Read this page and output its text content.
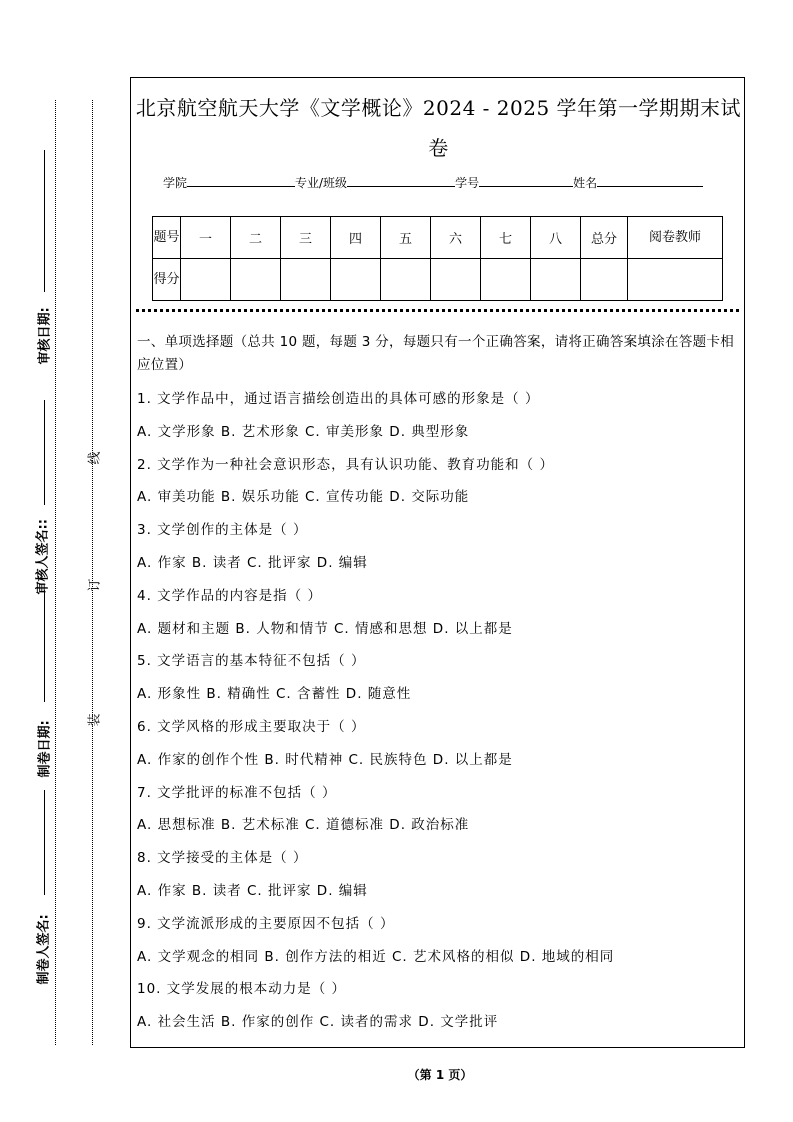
审核日期:
审核人签名::
制卷日期:
制卷人签名:
线
订
装
北京航空航天大学《文学概论》2024 - 2025 学年第一学期期末试
卷
学院	专业/班级	学号	姓名
题号	一	二	三	四	五	六	七	八	总分	阅卷教师
得分										
一、单项选择题（总共 10 题，每题 3 分，每题只有一个正确答案，请将正确答案填涂在答题卡相应位置）
1. 文学作品中，通过语言描绘创造出的具体可感的形象是（ ）
A. 文学形象 B. 艺术形象 C. 审美形象 D. 典型形象
2. 文学作为一种社会意识形态，具有认识功能、教育功能和（ ）
A. 审美功能 B. 娱乐功能 C. 宣传功能 D. 交际功能
3. 文学创作的主体是（ ）
A. 作家 B. 读者 C. 批评家 D. 编辑
4. 文学作品的内容是指（ ）
A. 题材和主题 B. 人物和情节 C. 情感和思想 D. 以上都是
5. 文学语言的基本特征不包括（ ）
A. 形象性 B. 精确性 C. 含蓄性 D. 随意性
6. 文学风格的形成主要取决于（ ）
A. 作家的创作个性 B. 时代精神 C. 民族特色 D. 以上都是
7. 文学批评的标准不包括（ ）
A. 思想标准 B. 艺术标准 C. 道德标准 D. 政治标准
8. 文学接受的主体是（ ）
A. 作家 B. 读者 C. 批评家 D. 编辑
9. 文学流派形成的主要原因不包括（ ）
A. 文学观念的相同 B. 创作方法的相近 C. 艺术风格的相似 D. 地域的相同
10. 文学发展的根本动力是（ ）
A. 社会生活 B. 作家的创作 C. 读者的需求 D. 文学批评
（第 1 页）
